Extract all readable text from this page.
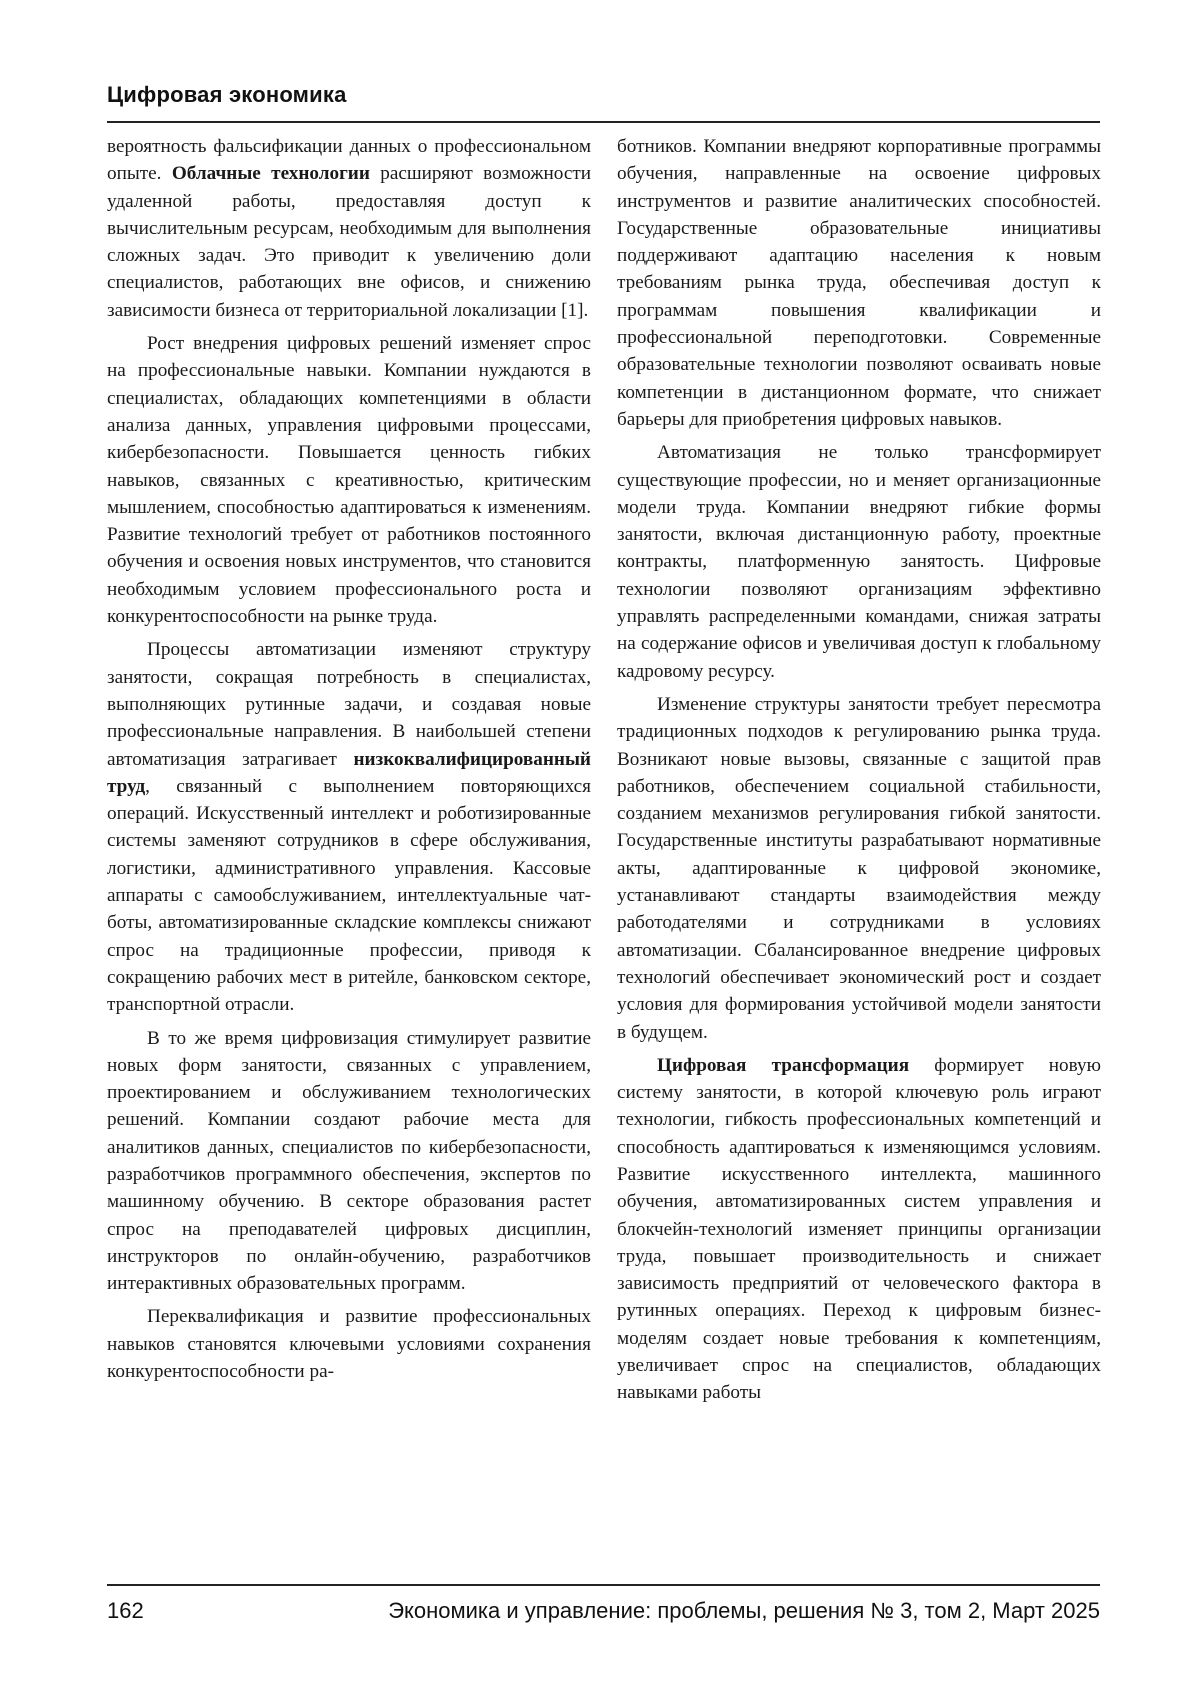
Цифровая экономика

вероятность фальсификации данных о профессиональном опыте. Облачные технологии расширяют возможности удаленной работы, предоставляя доступ к вычислительным ресурсам, необходимым для выполнения сложных задач. Это приводит к увеличению доли специалистов, работающих вне офисов, и снижению зависимости бизнеса от территориальной локализации [1].

Рост внедрения цифровых решений изменяет спрос на профессиональные навыки. Компании нуждаются в специалистах, обладающих компетенциями в области анализа данных, управления цифровыми процессами, кибербезопасности. Повышается ценность гибких навыков, связанных с креативностью, критическим мышлением, способностью адаптироваться к изменениям. Развитие технологий требует от работников постоянного обучения и освоения новых инструментов, что становится необходимым условием профессионального роста и конкурентоспособности на рынке труда.

Процессы автоматизации изменяют структуру занятости, сокращая потребность в специалистах, выполняющих рутинные задачи, и создавая новые профессиональные направления. В наибольшей степени автоматизация затрагивает низкоквалифицированный труд, связанный с выполнением повторяющихся операций. Искусственный интеллект и роботизированные системы заменяют сотрудников в сфере обслуживания, логистики, административного управления. Кассовые аппараты с самообслуживанием, интеллектуальные чат-боты, автоматизированные складские комплексы снижают спрос на традиционные профессии, приводя к сокращению рабочих мест в ритейле, банковском секторе, транспортной отрасли.

В то же время цифровизация стимулирует развитие новых форм занятости, связанных с управлением, проектированием и обслуживанием технологических решений. Компании создают рабочие места для аналитиков данных, специалистов по кибербезопасности, разработчиков программного обеспечения, экспертов по машинному обучению. В секторе образования растет спрос на преподавателей цифровых дисциплин, инструкторов по онлайн-обучению, разработчиков интерактивных образовательных программ.

Переквалификация и развитие профессиональных навыков становятся ключевыми условиями сохранения конкурентоспособности ра-

ботников. Компании внедряют корпоративные программы обучения, направленные на освоение цифровых инструментов и развитие аналитических способностей. Государственные образовательные инициативы поддерживают адаптацию населения к новым требованиям рынка труда, обеспечивая доступ к программам повышения квалификации и профессиональной переподготовки. Современные образовательные технологии позволяют осваивать новые компетенции в дистанционном формате, что снижает барьеры для приобретения цифровых навыков.

Автоматизация не только трансформирует существующие профессии, но и меняет организационные модели труда. Компании внедряют гибкие формы занятости, включая дистанционную работу, проектные контракты, платформенную занятость. Цифровые технологии позволяют организациям эффективно управлять распределенными командами, снижая затраты на содержание офисов и увеличивая доступ к глобальному кадровому ресурсу.

Изменение структуры занятости требует пересмотра традиционных подходов к регулированию рынка труда. Возникают новые вызовы, связанные с защитой прав работников, обеспечением социальной стабильности, созданием механизмов регулирования гибкой занятости. Государственные институты разрабатывают нормативные акты, адаптированные к цифровой экономике, устанавливают стандарты взаимодействия между работодателями и сотрудниками в условиях автоматизации. Сбалансированное внедрение цифровых технологий обеспечивает экономический рост и создает условия для формирования устойчивой модели занятости в будущем.

Цифровая трансформация формирует новую систему занятости, в которой ключевую роль играют технологии, гибкость профессиональных компетенций и способность адаптироваться к изменяющимся условиям. Развитие искусственного интеллекта, машинного обучения, автоматизированных систем управления и блокчейн-технологий изменяет принципы организации труда, повышает производительность и снижает зависимость предприятий от человеческого фактора в рутинных операциях. Переход к цифровым бизнес-моделям создает новые требования к компетенциям, увеличивает спрос на специалистов, обладающих навыками работы

162	Экономика и управление: проблемы, решения № 3, том 2, Март 2025
